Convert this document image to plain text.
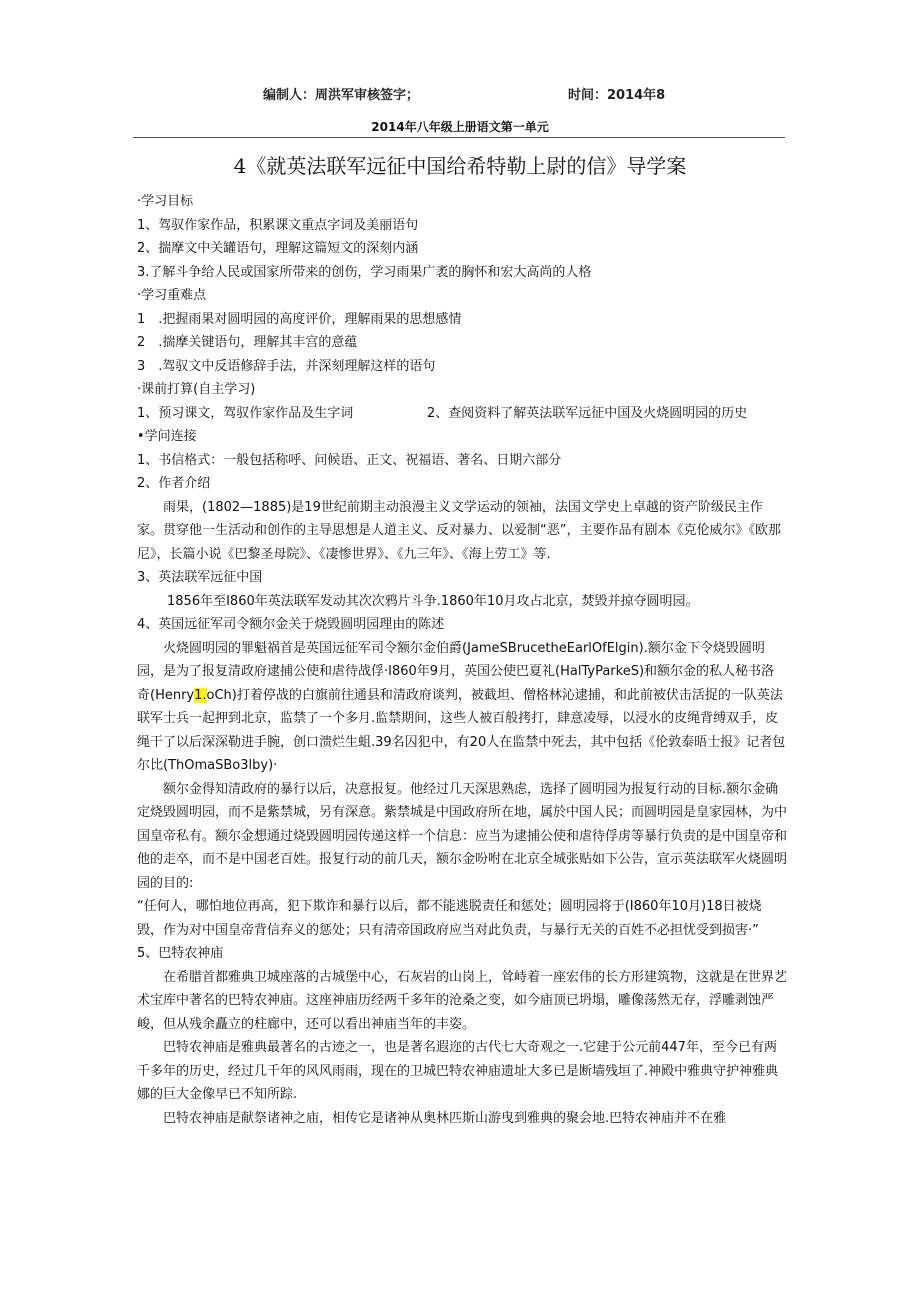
编制人：周洪军审核签字；	时间：2014年8
2014年八年级上册语文第一单元
4《就英法联军远征中国给希特勒上尉的信》导学案

·学习目标

1、驾驭作家作品，积累课文重点字词及美丽语句

2、揣摩文中关罐语句，理解这篇短文的深刻内涵

3.了解斗争给人民或国家所带来的创伤，学习雨果广袤的胸怀和宏大高尚的人格

·学习重难点

1　.把握雨果对圆明园的高度评价，理解雨果的思想感情

2　.揣摩关键语句，理解其丰宫的意蕴

3　.驾驭文中反语修辞手法，并深刻理解这样的语句

·课前打算(自主学习)

1、预习课文，驾驭作家作品及生字词	2、查阅资料了解英法联军远征中国及火烧圆明园的历史

•学问连接

1、书信格式：一般包括称呼、问候语、正文、祝福语、著名、日期六部分

2、作者介绍

雨果，(1802—1885)是19世纪前期主动浪漫主义文学运动的领袖，法国文学史上卓越的资产阶级民主作家。贯穿他一生活动和创作的主导思想是人道主义、反对暴力、以爱制“恶”，主要作品有剧本《克伦威尔》《欧那尼》，长篇小说《巴黎圣母院》、《凄惨世界》、《九三年》、《海上劳工》等.

3、英法联军远征中国

1856年至I860年英法联军发动其次次鸦片斗争.1860年10月攻占北京，焚毁并掠夺圆明园。

4、英国远征军司令额尔金关于烧毁圆明园理由的陈述

火烧圆明园的罪魁祸首是英国远征军司令额尔金伯爵(JameSBrucetheEarlOfElgin).额尔金下令烧毁圆明园，是为了报复清政府逮捕公使和虐待战俘·I860年9月，英国公使巴夏礼(HalTyParkeS)和额尔金的私人秘书洛奇(Henry1.oCh)打着停战的白旗前往通县和清政府谈判，被截坦、僧格林沁逮捕，和此前被伏击活捉的一队英法联军士兵一起押到北京，监禁了一个多月.监禁期间，这些人被百般拷打，肆意凌辱，以浸水的皮绳背缚双手，皮绳干了以后深深勒进手腕，创口溃烂生蛆.39名囚犯中，有20人在监禁中死去，其中包括《伦敦泰晤士报》记者包尔比(ThOmaSBo3lby)·

额尔金得知清政府的暴行以后，决意报复。他经过几天深思熟虑，选择了圆明园为报复行动的目标.额尔金确定烧毁圆明园，而不是紫禁城，另有深意。紫禁城是中国政府所在地，属於中国人民；而圆明园是皇家园林，为中国皇帝私有。额尔金想通过烧毁圆明园传递这样一个信息：应当为逮捕公使和虐待俘虏等暴行负责的是中国皇帝和他的走卒，而不是中国老百姓。报复行动的前几天，额尔金吩咐在北京全城张贴如下公告，宣示英法联军火烧圆明园的目的:

“任何人，哪怕地位再高，犯下欺诈和暴行以后，都不能逃脱责任和惩处；圆明园将于(I860年10月)18日被烧毁，作为对中国皇帝背信弃义的惩处；只有清帝国政府应当对此负责，与暴行无关的百姓不必担忧受到损害·”

5、巴特农神庙

在希腊首都雅典卫城座落的古城堡中心，石灰岩的山岗上，耸峙着一座宏伟的长方形建筑物，这就是在世界艺术宝库中著名的巴特农神庙。这座神庙历经两千多年的沧桑之变，如今庙顶已坍塌，雕像荡然无存，浮雕剥蚀严峻，但从残余矗立的柱廊中，还可以看出神庙当年的丰姿。

巴特农神庙是雅典最著名的古迹之一，也是著名遐迩的古代七大奇观之一.它建于公元前447年，至今已有两千多年的历史，经过几千年的风风雨雨，现在的卫城巴特农神庙遗址大多已是断墙残垣了.神殿中雅典守护神雅典娜的巨大金像早已不知所踪.

巴特农神庙是献祭诸神之庙，相传它是诸神从奥林匹斯山游曳到雅典的聚会地.巴特农神庙并不在雅
